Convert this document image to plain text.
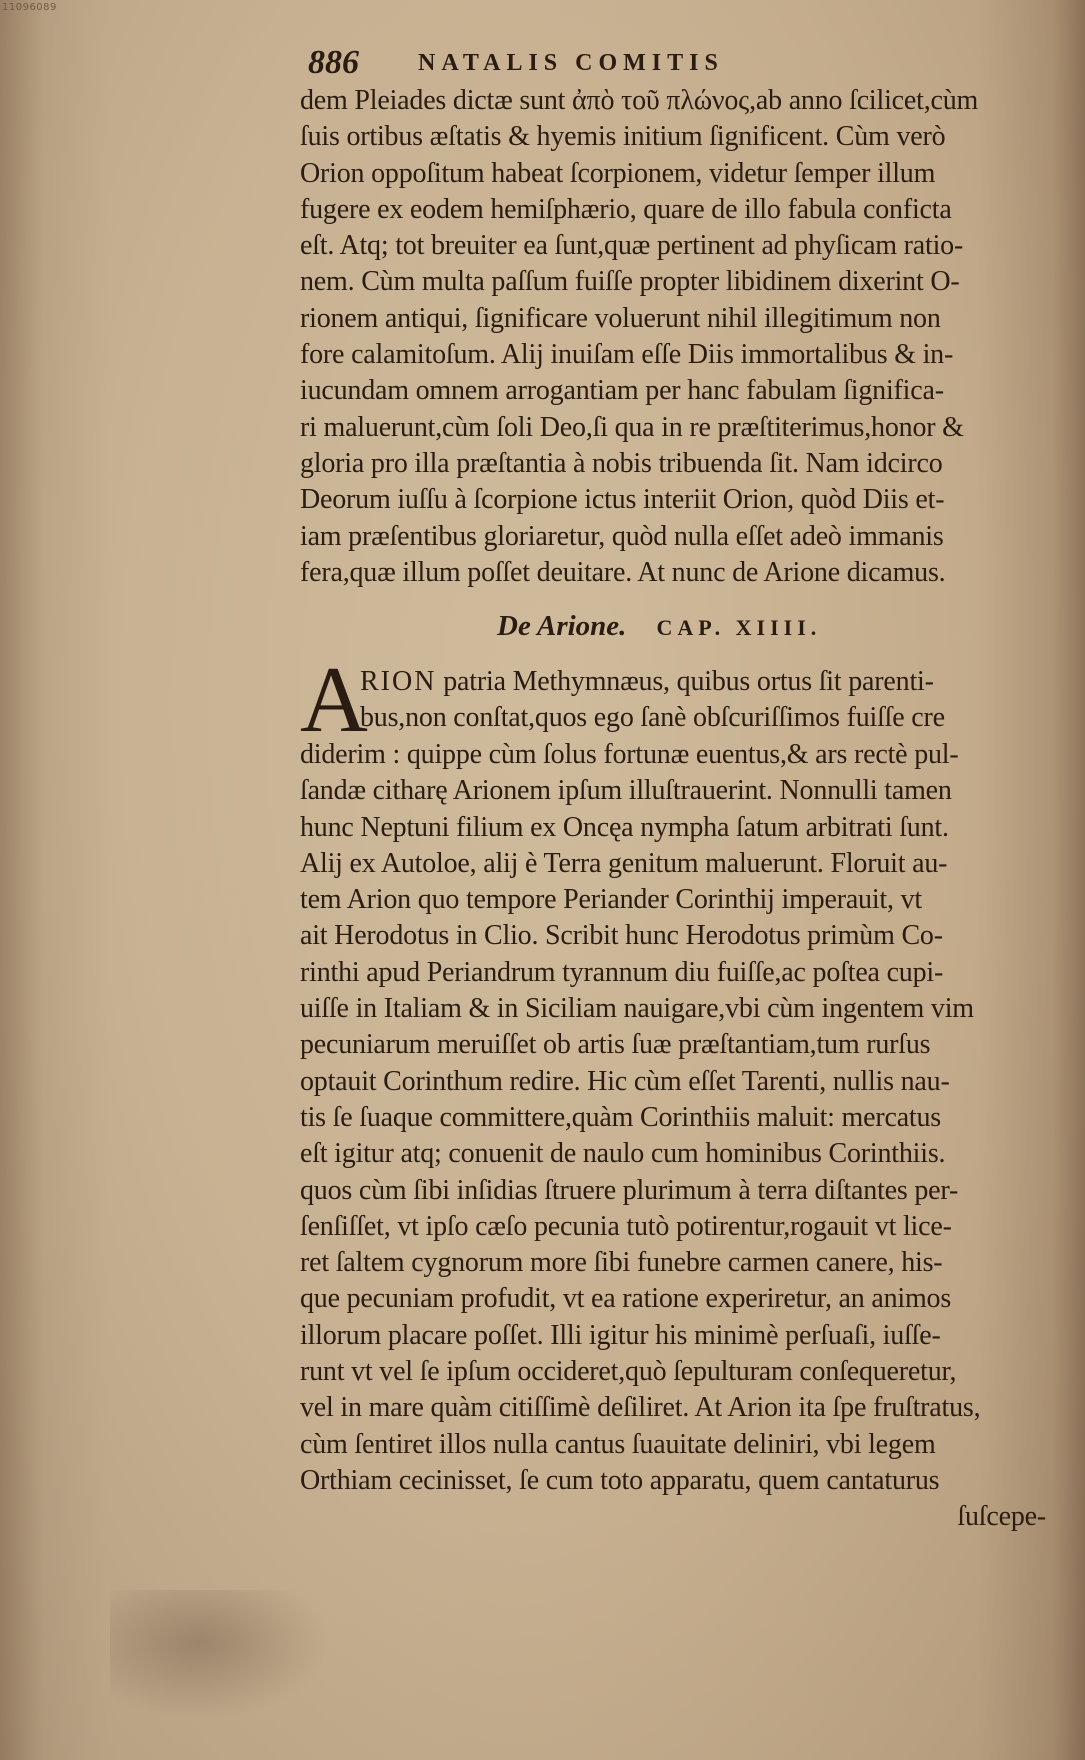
11096089
886 NATALIS COMITIS
dem Pleiades dictæ sunt ἀπὸ τοῦ πλώνος,ab anno ſcilicet,cùm
ſuis ortibus æſtatis & hyemis initium ſignificent. Cùm verò
Orion oppoſitum habeat ſcorpionem, videtur ſemper illum
fugere ex eodem hemiſphærio, quare de illo fabula conficta
eſt. Atq; tot breuiter ea ſunt,quæ pertinent ad phyſicam ratio-
nem. Cùm multa paſſum fuiſſe propter libidinem dixerint O-
rionem antiqui, ſignificare voluerunt nihil illegitimum non
fore calamitoſum. Alij inuiſam eſſe Diis immortalibus & in-
iucundam omnem arrogantiam per hanc fabulam ſignifica-
ri maluerunt,cùm ſoli Deo,ſi qua in re præſtiterimus,honor &
gloria pro illa præſtantia à nobis tribuenda ſit. Nam idcirco
Deorum iuſſu à ſcorpione ictus interiit Orion, quòd Diis et-
iam præſentibus gloriaretur, quòd nulla eſſet adeò immanis
fera,quæ illum poſſet deuitare. At nunc de Arione dicamus.
De Arione. CAP. XIIII.
A
RION patria Methymnæus, quibus ortus ſit parenti-
bus,non conſtat,quos ego ſanè obſcuriſſimos fuiſſe cre
diderim : quippe cùm ſolus fortunæ euentus,& ars rectè pul-
ſandæ citharę Arionem ipſum illuſtrauerint. Nonnulli tamen
hunc Neptuni filium ex Oncęa nympha ſatum arbitrati ſunt.
Alij ex Autoloe, alij è Terra genitum maluerunt. Floruit au-
tem Arion quo tempore Periander Corinthij imperauit, vt
ait Herodotus in Clio. Scribit hunc Herodotus primùm Co-
rinthi apud Periandrum tyrannum diu fuiſſe,ac poſtea cupi-
uiſſe in Italiam & in Siciliam nauigare,vbi cùm ingentem vim
pecuniarum meruiſſet ob artis ſuæ præſtantiam,tum rurſus
optauit Corinthum redire. Hic cùm eſſet Tarenti, nullis nau-
tis ſe ſuaque committere,quàm Corinthiis maluit: mercatus
eſt igitur atq; conuenit de naulo cum hominibus Corinthiis.
quos cùm ſibi inſidias ſtruere plurimum à terra diſtantes per-
ſenſiſſet, vt ipſo cæſo pecunia tutò potirentur,rogauit vt lice-
ret ſaltem cygnorum more ſibi funebre carmen canere, his-
que pecuniam profudit, vt ea ratione experiretur, an animos
illorum placare poſſet. Illi igitur his minimè perſuaſi, iuſſe-
runt vt vel ſe ipſum occideret,quò ſepulturam conſequeretur,
vel in mare quàm citiſſimè deſiliret. At Arion ita ſpe fruſtratus,
cùm ſentiret illos nulla cantus ſuauitate deliniri, vbi legem
Orthiam cecinisset, ſe cum toto apparatu, quem cantaturus
ſuſcepe-
